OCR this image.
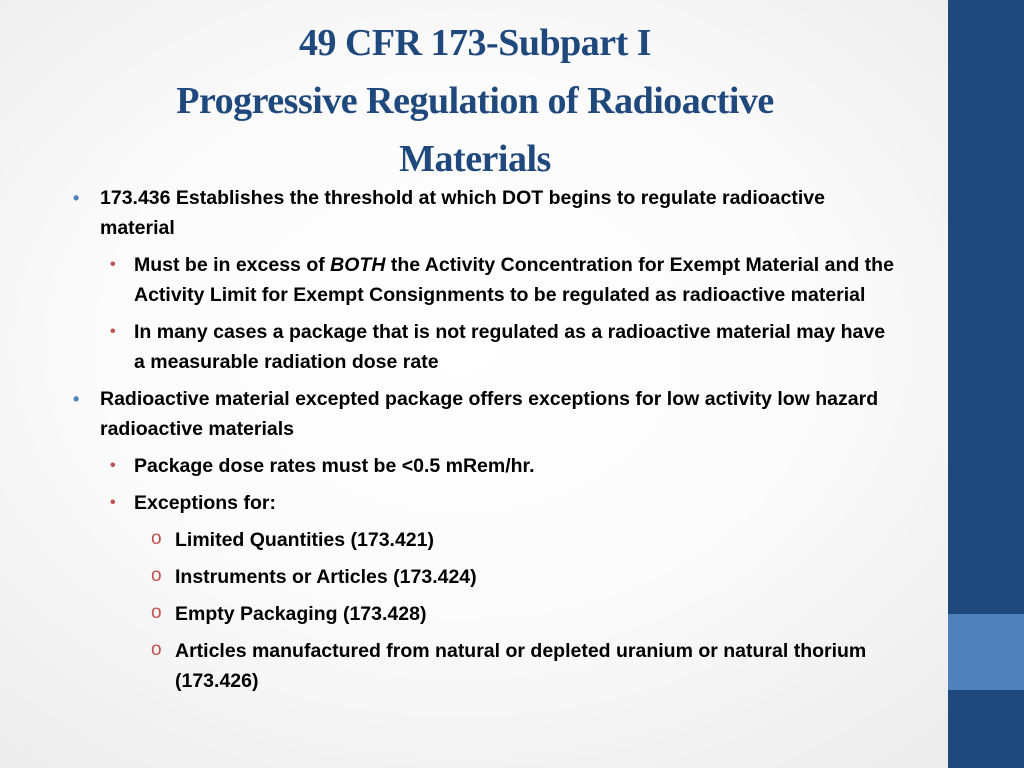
49 CFR 173-Subpart I
Progressive Regulation of Radioactive
Materials
• 173.436 Establishes the threshold at which DOT begins to regulate radioactive material
• Must be in excess of BOTH the Activity Concentration for Exempt Material and the Activity Limit for Exempt Consignments to be regulated as radioactive material
• In many cases a package that is not regulated as a radioactive material may have a measurable radiation dose rate
• Radioactive material excepted package offers exceptions for low activity low hazard radioactive materials
• Package dose rates must be <0.5 mRem/hr.
• Exceptions for:
o Limited Quantities (173.421)
o Instruments or Articles (173.424)
o Empty Packaging (173.428)
o Articles manufactured from natural or depleted uranium or natural thorium (173.426)
